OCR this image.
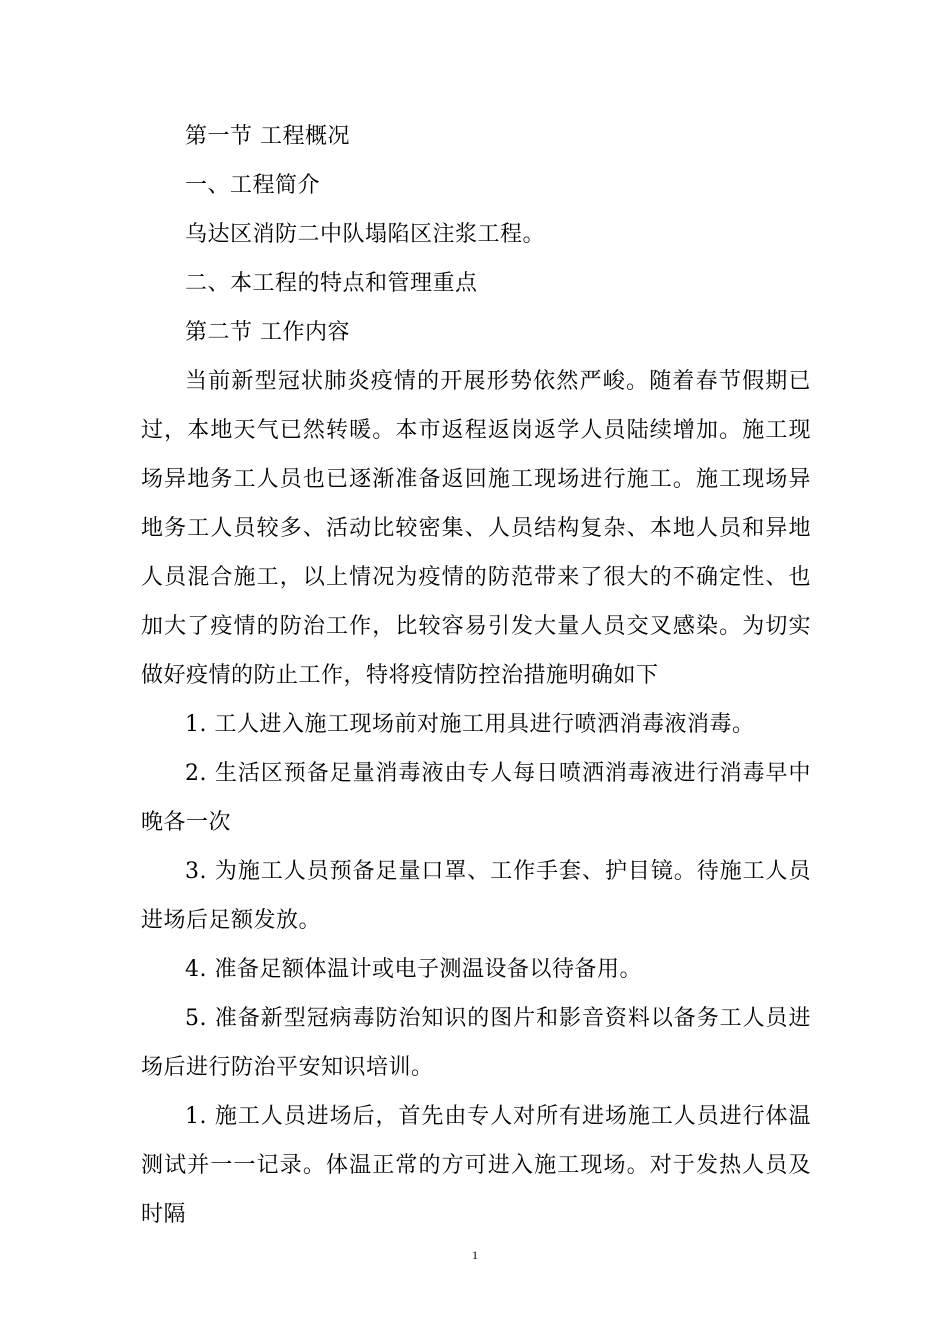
第一节 工程概况

一、工程简介

乌达区消防二中队塌陷区注浆工程。

二、本工程的特点和管理重点

第二节 工作内容

当前新型冠状肺炎疫情的开展形势依然严峻。随着春节假期已过，本地天气已然转暖。本市返程返岗返学人员陆续增加。施工现场异地务工人员也已逐渐准备返回施工现场进行施工。施工现场异地务工人员较多、活动比较密集、人员结构复杂、本地人员和异地人员混合施工，以上情况为疫情的防范带来了很大的不确定性、也加大了疫情的防治工作，比较容易引发大量人员交叉感染。为切实做好疫情的防止工作，特将疫情防控治措施明确如下

1. 工人进入施工现场前对施工用具进行喷洒消毒液消毒。

2. 生活区预备足量消毒液由专人每日喷洒消毒液进行消毒早中晚各一次

3. 为施工人员预备足量口罩、工作手套、护目镜。待施工人员进场后足额发放。

4. 准备足额体温计或电子测温设备以待备用。

5. 准备新型冠病毒防治知识的图片和影音资料以备务工人员进场后进行防治平安知识培训。

1. 施工人员进场后，首先由专人对所有进场施工人员进行体温测试并一一记录。体温正常的方可进入施工现场。对于发热人员及时隔

1
